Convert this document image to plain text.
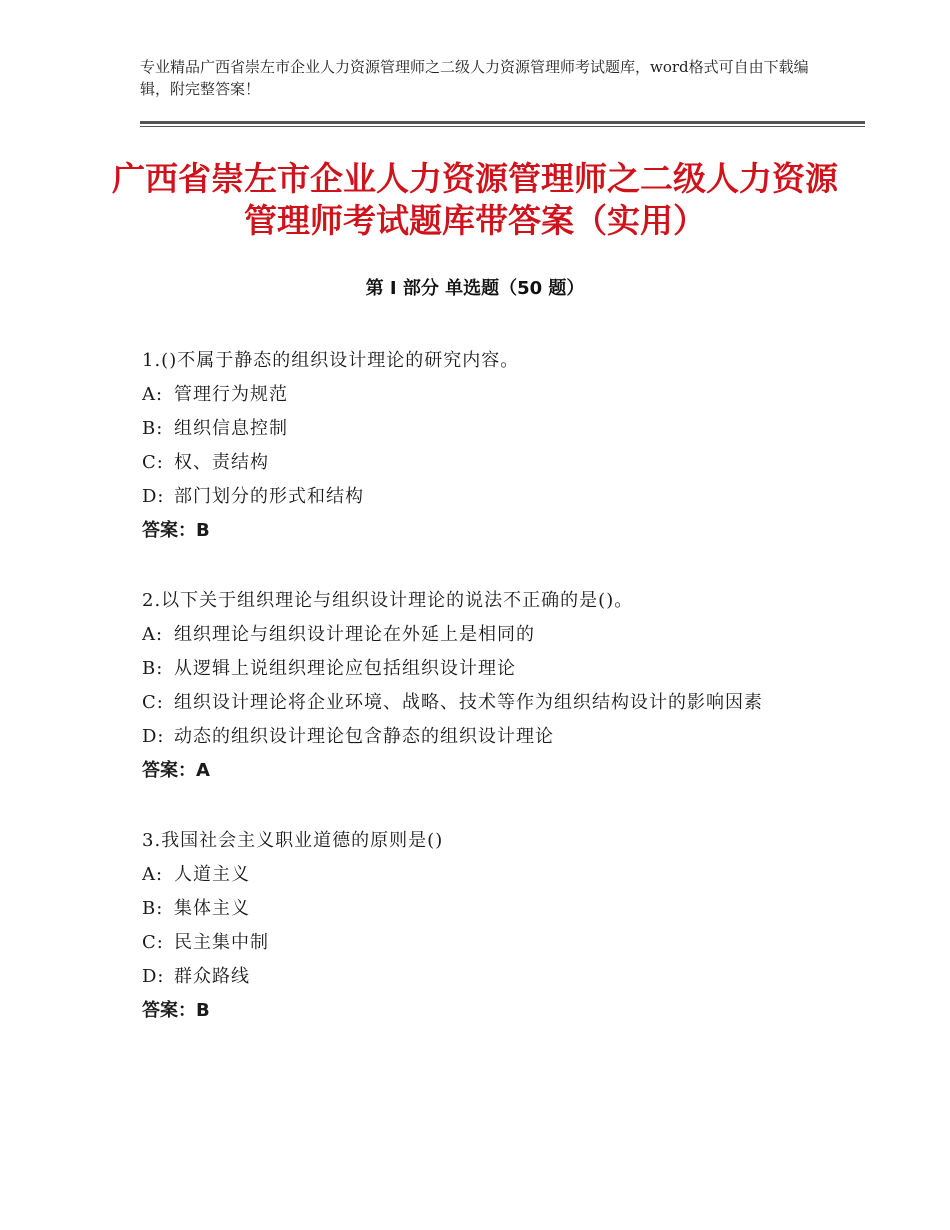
专业精品广西省崇左市企业人力资源管理师之二级人力资源管理师考试题库，word格式可自由下载编辑，附完整答案！
广西省崇左市企业人力资源管理师之二级人力资源管理师考试题库带答案（实用）
第 I 部分 单选题（50 题）

1.()不属于静态的组织设计理论的研究内容。

A: 管理行为规范

B: 组织信息控制

C: 权、责结构

D: 部门划分的形式和结构

答案：B

2.以下关于组织理论与组织设计理论的说法不正确的是()。

A: 组织理论与组织设计理论在外延上是相同的

B: 从逻辑上说组织理论应包括组织设计理论

C: 组织设计理论将企业环境、战略、技术等作为组织结构设计的影响因素

D: 动态的组织设计理论包含静态的组织设计理论

答案：A

3.我国社会主义职业道德的原则是()

A: 人道主义

B: 集体主义

C: 民主集中制

D: 群众路线

答案：B
